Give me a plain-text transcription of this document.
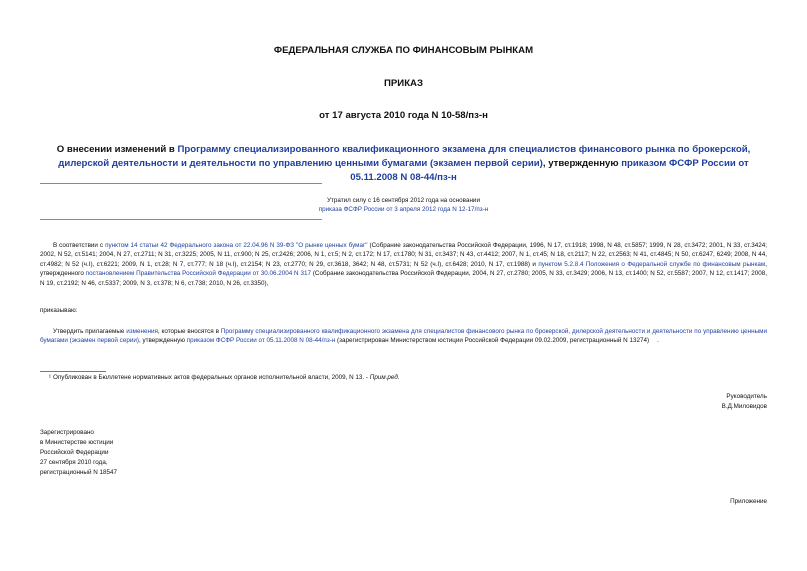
ФЕДЕРАЛЬНАЯ СЛУЖБА ПО ФИНАНСОВЫМ РЫНКАМ
ПРИКАЗ
от 17 августа 2010 года N 10-58/пз-н
О внесении изменений в Программу специализированного квалификационного экзамена для специалистов финансового рынка по брокерской, дилерской деятельности и деятельности по управлению ценными бумагами (экзамен первой серии), утвержденную приказом ФСФР России от 05.11.2008 N 08-44/пз-н
Утратил силу с 16 сентября 2012 года на основании
приказа ФСФР России от 3 апреля 2012 года N 12-17/пз-н
В соответствии с пунктом 14 статьи 42 Федерального закона от 22.04.96 N 39-ФЗ "О рынке ценных бумаг" (Собрание законодательства Российской Федерации, 1996, N 17, ст.1918; 1998, N 48, ст.5857; 1999, N 28, ст.3472; 2001, N 33, ст.3424; 2002, N 52, ст.5141; 2004, N 27, ст.2711; N 31, ст.3225; 2005, N 11, ст.900; N 25, ст.2426; 2006, N 1, ст.5; N 2, ст.172; N 17, ст.1780; N 31, ст.3437; N 43, ст.4412; 2007, N 1, ст.45; N 18, ст.2117; N 22, ст.2563; N 41, ст.4845; N 50, ст.6247, 6249; 2008, N 44, ст.4982; N 52 (ч.I), ст.6221; 2009, N 1, ст.28; N 7, ст.777; N 18 (ч.I), ст.2154; N 23, ст.2770; N 29, ст.3618, 3642; N 48, ст.5731; N 52 (ч.I), ст.6428; 2010, N 17, ст.1988) и пунктом 5.2.8.4 Положения о Федеральной службе по финансовым рынкам, утвержденного постановлением Правительства Российской Федерации от 30.06.2004 N 317 (Собрание законодательства Российской Федерации, 2004, N 27, ст.2780; 2005, N 33, ст.3429; 2006, N 13, ст.1400; N 52, ст.5587; 2007, N 12, ст.1417; 2008, N 19, ст.2192; N 46, ст.5337; 2009, N 3, ст.378; N 6, ст.738; 2010, N 26, ст.3350),
приказываю:
Утвердить прилагаемые изменения, которые вносятся в Программу специализированного квалификационного экзамена для специалистов финансового рынка по брокерской, дилерской деятельности и деятельности по управлению ценными бумагами (экзамен первой серии), утвержденную приказом ФСФР России от 05.11.2008 N 08-44/пз-н (зарегистрирован Министерством юстиции Российской Федерации 09.02.2009, регистрационный N 13274) .
¹ Опубликован в Бюллетене нормативных актов федеральных органов исполнительной власти, 2009, N 13. - Прим.ред.
Руководитель
В.Д.Миловидов
Зарегистрировано
в Министерстве юстиции
Российской Федерации
27 сентября 2010 года,
регистрационный N 18547
Приложение
